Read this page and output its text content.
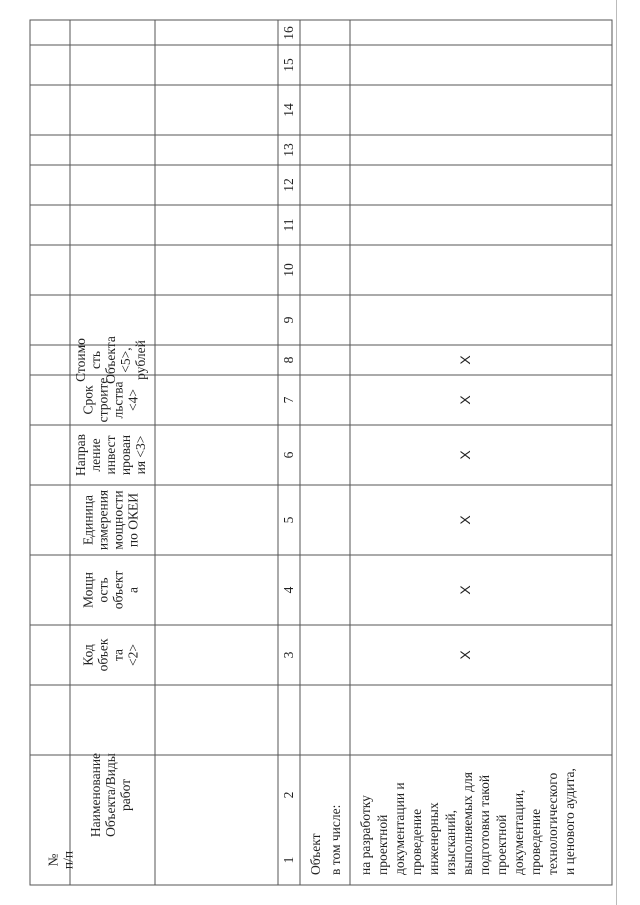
1
2
3
4
5
6
7
8
9
10
11
12
13
14
15
16
№ п/п
Наименование Объекта/Виды работ
Код объек та <2>
Мощн ость объект а
Единица измерения мощности по ОКЕИ
Направ ление инвест ирован ия <3>
Срок строите льства <4>
Стоимо сть Объекта <5>, рублей
Объект в том числе: на разработку проектной документации и проведение инженерных изысканий, выполняемых для подготовки такой проектной документации, проведение технологического и ценового аудита,
X
X
X
X
X
X
